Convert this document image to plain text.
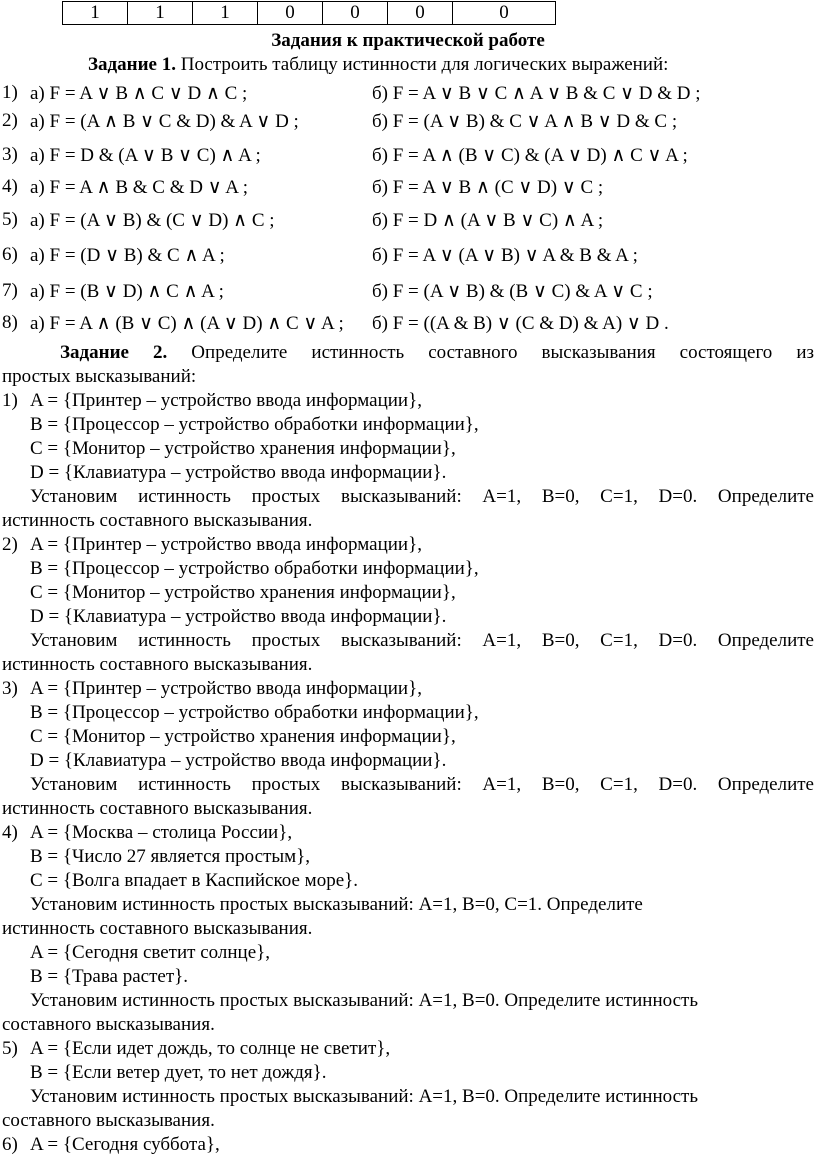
1	1	1	0	0	0	0
Задания к практической работе
Задание 1. Построить таблицу истинности для логических выражений:
1) а) F = A ∨ B ∧ C ∨ D ∧ C ;	б) F = A ∨ B ∨ C ∧ A ∨ B & C ∨ D & D ;
2) а) F = (A ∧ B ∨ C & D) & A ∨ D ;	б) F = (A ∨ B) & C ∨ A ∧ B ∨ D & C ;
3) а) F = D & (A ∨ B ∨ C) ∧ A ;	б) F = A ∧ (B ∨ C) & (A ∨ D) ∧ C ∨ A ;
4) а) F = A ∧ B & C & D ∨ A ;	б) F = A ∨ B ∧ (C ∨ D) ∨ C ;
5) а) F = (A ∨ B) & (C ∨ D) ∧ C ;	б) F = D ∧ (A ∨ B ∨ C) ∧ A ;
6) а) F = (D ∨ B) & C ∧ A ;	б) F = A ∨ (A ∨ B) ∨ A & B & A ;
7) а) F = (B ∨ D) ∧ C ∧ A ;	б) F = (A ∨ B) & (B ∨ C) & A ∨ C ;
8) а) F = A ∧ (B ∨ C) ∧ (A ∨ D) ∧ C ∨ A ; б) F = ((A & B) ∨ (C & D) & A) ∨ D .
Задание 2. Определите истинность составного высказывания состоящего из
простых высказываний:
1) A = {Принтер – устройство ввода информации},
B = {Процессор – устройство обработки информации},
C = {Монитор – устройство хранения информации},
D = {Клавиатура – устройство ввода информации}.
Установим истинность простых высказываний: A=1, B=0, C=1, D=0. Определите
истинность составного высказывания.
2) A = {Принтер – устройство ввода информации},
B = {Процессор – устройство обработки информации},
C = {Монитор – устройство хранения информации},
D = {Клавиатура – устройство ввода информации}.
Установим истинность простых высказываний: A=1, B=0, C=1, D=0. Определите
истинность составного высказывания.
3) A = {Принтер – устройство ввода информации},
B = {Процессор – устройство обработки информации},
C = {Монитор – устройство хранения информации},
D = {Клавиатура – устройство ввода информации}.
Установим истинность простых высказываний: A=1, B=0, C=1, D=0. Определите
истинность составного высказывания.
4) A = {Москва – столица России},
B = {Число 27 является простым},
C = {Волга впадает в Каспийское море}.
Установим истинность простых высказываний: A=1, B=0, C=1. Определите
истинность составного высказывания.
A = {Сегодня светит солнце},
B = {Трава растет}.
Установим истинность простых высказываний: A=1, B=0. Определите истинность
составного высказывания.
5) A = {Если идет дождь, то солнце не светит},
B = {Если ветер дует, то нет дождя}.
Установим истинность простых высказываний: A=1, B=0. Определите истинность
составного высказывания.
6) A = {Сегодня суббота},
